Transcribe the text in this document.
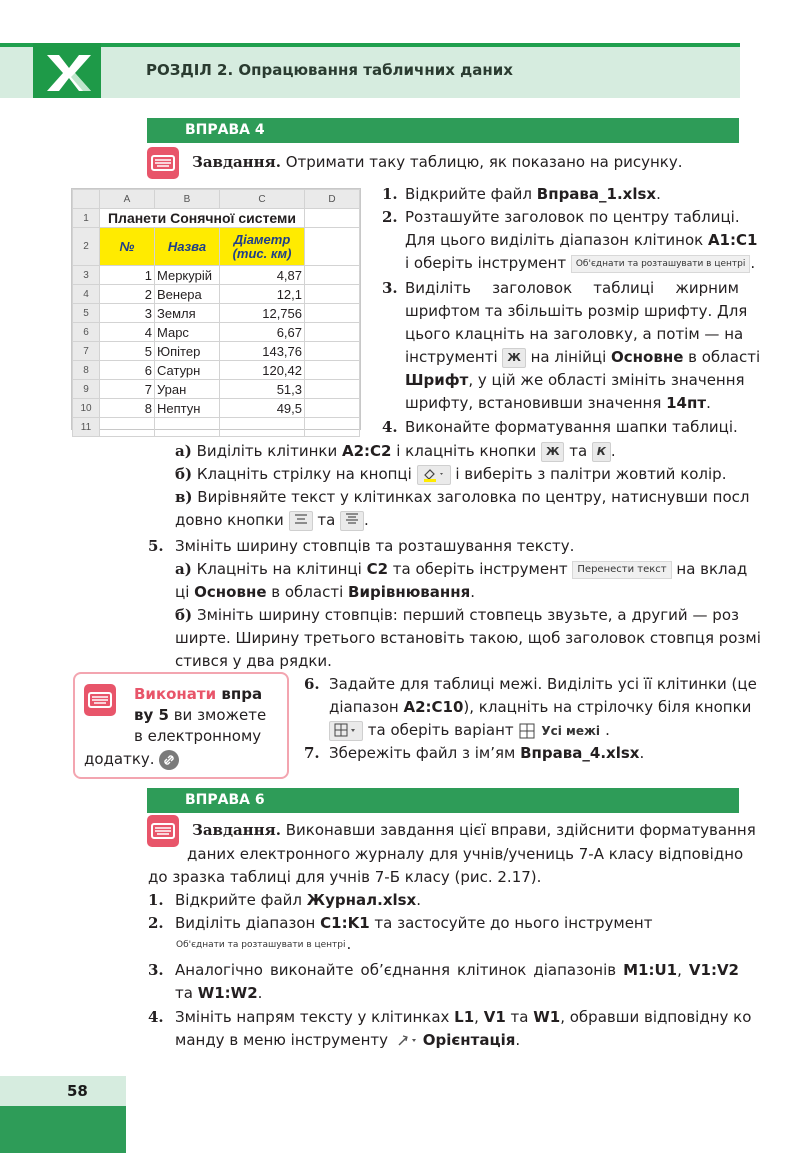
РОЗДІЛ 2. Опрацювання табличних даних
ВПРАВА 4
Завдання. Отримати таку таблицю, як показано на рисунку.
	A	B	C	D
1	Планети Сонячної системи			
2	№	Назва	Діаметр (тис. км)	
3	1	Меркурій	4,87	
4	2	Венера	12,1	
5	3	Земля	12,756	
6	4	Марс	6,67	
7	5	Юпітер	143,76	
8	6	Сатурн	120,42	
9	7	Уран	51,3	
10	8	Нептун	49,5	
11				
1. Відкрийте файл Вправа_1.xlsx.
2. Розташуйте заголовок по центру таблиці.
Для цього виділіть діапазон клітинок A1:C1
і оберіть інструмент Об'єднати та розташувати в центрі .
3. Виділіть заголовок таблиці жирним
шрифтом та збільшіть розмір шрифту. Для
цього клацніть на заголовку, а потім — на
інструменті Ж на лінійці Основне в області
Шрифт, у цій же області змініть значення
шрифту, встановивши значення 14пт.
4. Виконайте форматування шапки таблиці.
а) Виділіть клітинки A2:C2 і клацніть кнопки Ж та К .
б) Клацніть стрілку на кнопці  і виберіть з палітри жовтий колір.
в) Вирівняйте текст у клітинках заголовка по центру, натиснувши посл
довно кнопки  та .
5. Змініть ширину стовпців та розташування тексту.
а) Клацніть на клітинці C2 та оберіть інструмент Перенести текст на вклад
ці Основне в області Вирівнювання.
б) Змініть ширину стовпців: перший стовпець звузьте, а другий — роз
ширте. Ширину третього встановіть такою, щоб заголовок стовпця розмі
стився у два рядки.
Виконати впра
ву 5 ви зможете
в електронному
додатку.
6. Задайте для таблиці межі. Виділіть усі її клітинки (це
діапазон A2:C10), клацніть на стрілочку біля кнопки
та оберіть варіант Усі межі .
7. Збережіть файл з ім’ям Вправа_4.xlsx.
ВПРАВА 6
Завдання. Виконавши завдання цієї вправи, здійснити форматування
даних електронного журналу для учнів/учениць 7-А класу відповідно
до зразка таблиці для учнів 7-Б класу (рис. 2.17).
1. Відкрийте файл Журнал.xlsx.
2. Виділіть діапазон C1:K1 та застосуйте до нього інструмент
Об'єднати та розташувати в центрі.
3. Аналогічно виконайте об’єднання клітинок діапазонів M1:U1, V1:V2
та W1:W2.
4. Змініть напрям тексту у клітинках L1, V1 та W1, обравши відповідну ко
манду в меню інструменту Орієнтація.
58
